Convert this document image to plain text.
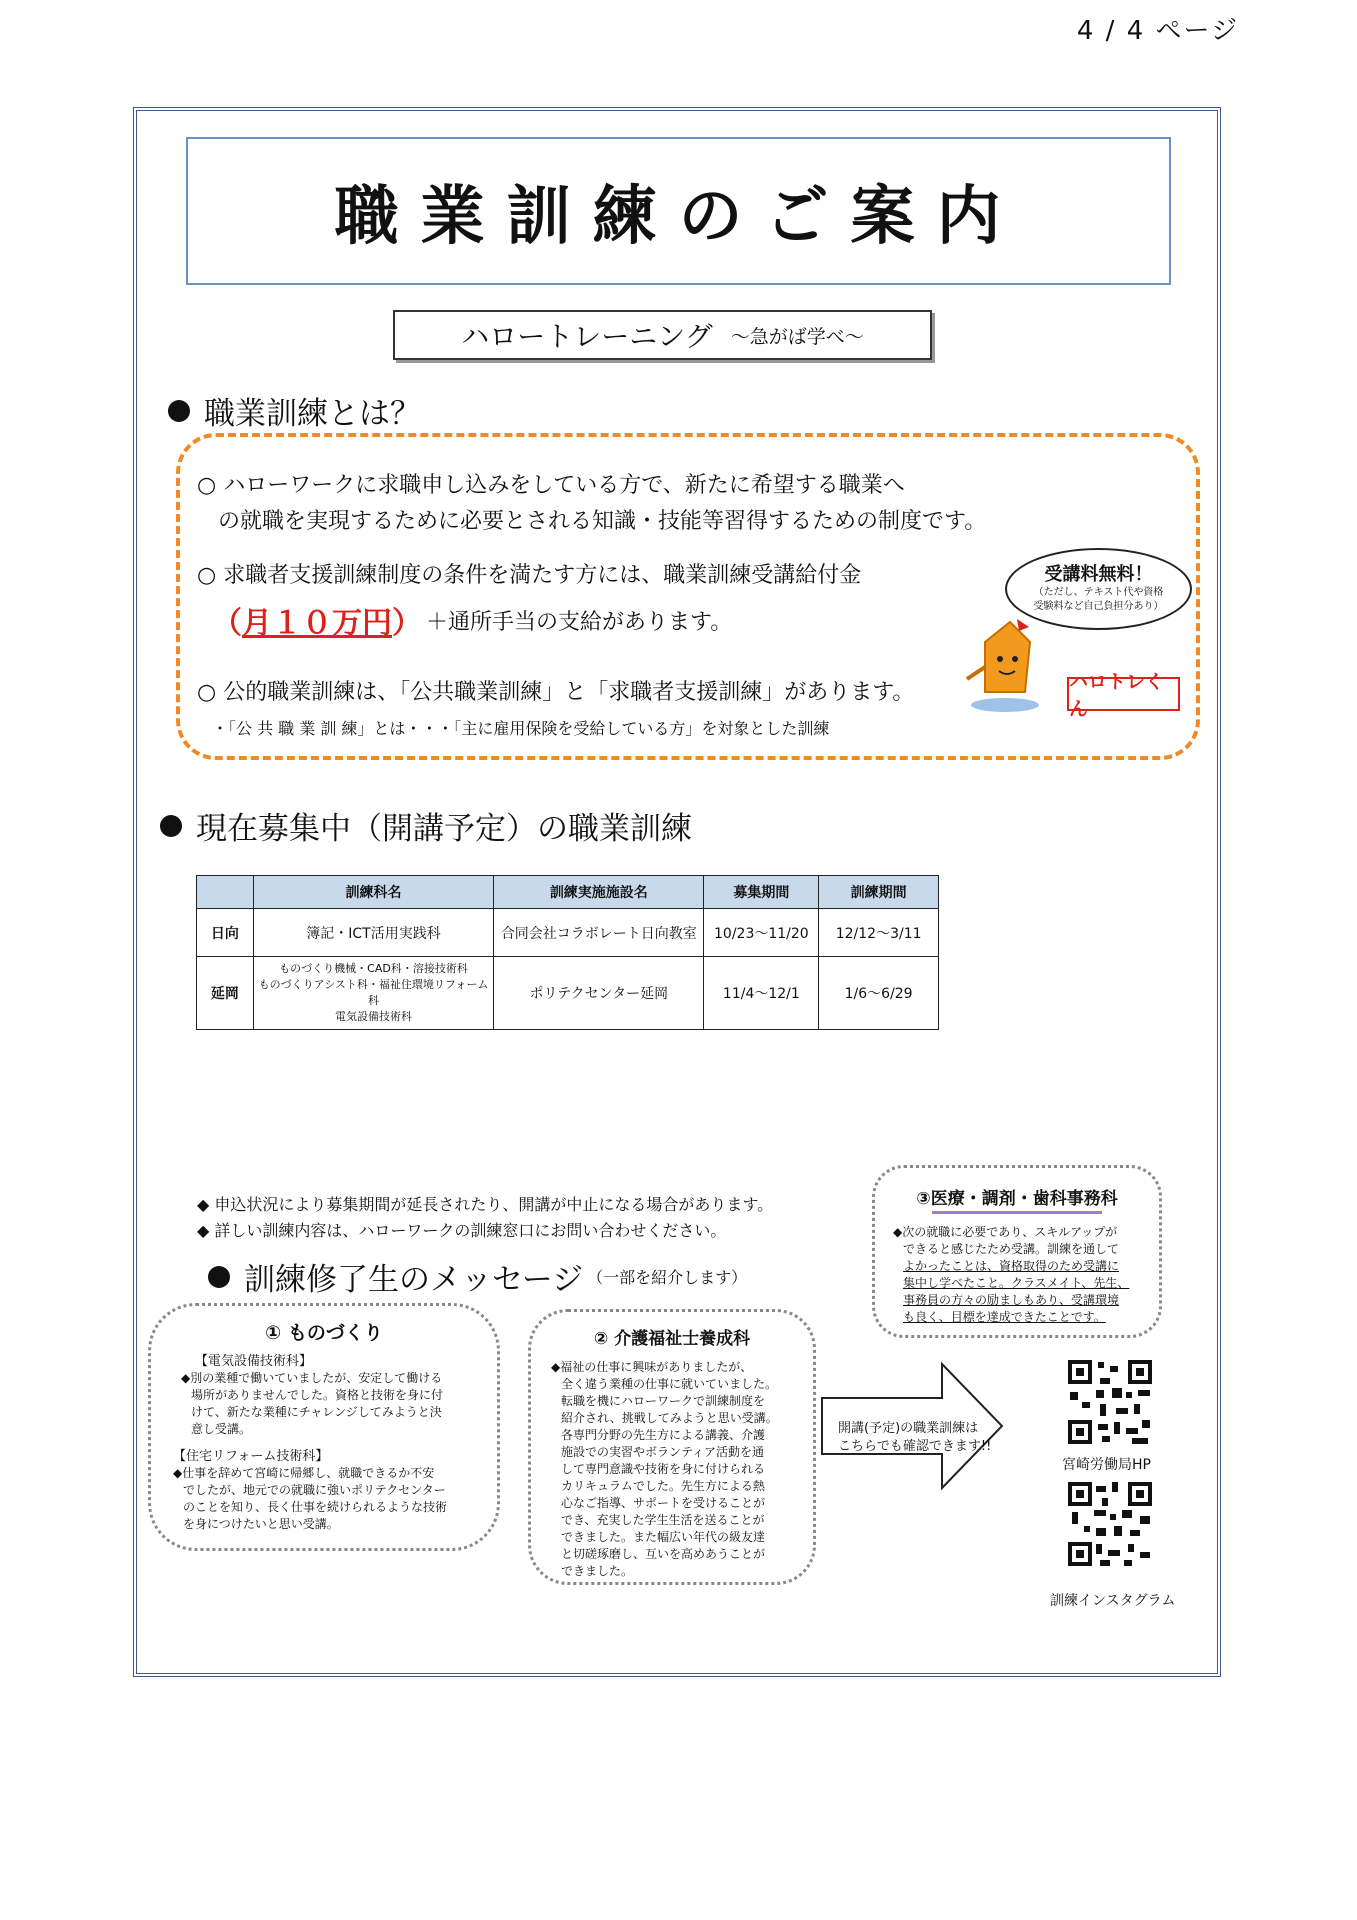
4 / 4 ページ
職業訓練のご案内
ハロートレーニング ～急がば学べ～
職業訓練とは？
○ ハローワークに求職申し込みをしている方で、新たに希望する職業へ
の就職を実現するために必要とされる知識・技能等習得するための制度です。
○ 求職者支援訓練制度の条件を満たす方には、職業訓練受講給付金
（ 月１０万円 ） ＋通所手当の支給があります。
○ 公的職業訓練は、「公共職業訓練」と「求職者支援訓練」があります。
・「公 共 職 業 訓 練」とは・・・「主に雇用保険を受給している方」を対象とした訓練
受講料無料！
（ただし、テキスト代や資格
受験料など自己負担分あり）
ハロトレくん
現在募集中（開講予定）の職業訓練
	訓練科名	訓練実施施設名	募集期間	訓練期間
日向	簿記・ICT活用実践科	合同会社コラボレート日向教室	10/23～11/20	12/12～3/11
延岡	ものづくり機械・CAD科・溶接技術科
ものづくりアシスト科・福祉住環境リフォーム科
電気設備技術科	ポリテクセンター延岡	11/4～12/1	1/6～6/29
◆ 申込状況により募集期間が延長されたり、開講が中止になる場合があります。
◆ 詳しい訓練内容は、ハローワークの訓練窓口にお問い合わせください。
訓練修了生のメッセージ （一部を紹介します）
① ものづくり
【電気設備技術科】
◆別の業種で働いていましたが、安定して働ける
場所がありませんでした。資格と技術を身に付
けて、新たな業種にチャレンジしてみようと決
意し受講。
【住宅リフォーム技術科】
◆仕事を辞めて宮崎に帰郷し、就職できるか不安
でしたが、地元での就職に強いポリテクセンター
のことを知り、長く仕事を続けられるような技術
を身につけたいと思い受講。
② 介護福祉士養成科
◆福祉の仕事に興味がありましたが、
全く違う業種の仕事に就いていました。
転職を機にハローワークで訓練制度を
紹介され、挑戦してみようと思い受講。
各専門分野の先生方による講義、介護
施設での実習やボランティア活動を通
して専門意識や技術を身に付けられる
カリキュラムでした。先生方による熱
心なご指導、サポートを受けることが
でき、充実した学生生活を送ることが
できました。また幅広い年代の級友達
と切磋琢磨し、互いを高めあうことが
できました。
③医療・調剤・歯科事務科
◆次の就職に必要であり、スキルアップが
できると感じたため受講。訓練を通して
よかったことは、資格取得のため受講に
集中し学べたこと。クラスメイト、先生、
事務員の方々の励ましもあり、受講環境
も良く、目標を達成できたことです。
開講(予定)の職業訓練は
こちらでも確認できます!!
宮崎労働局HP
訓練インスタグラム
